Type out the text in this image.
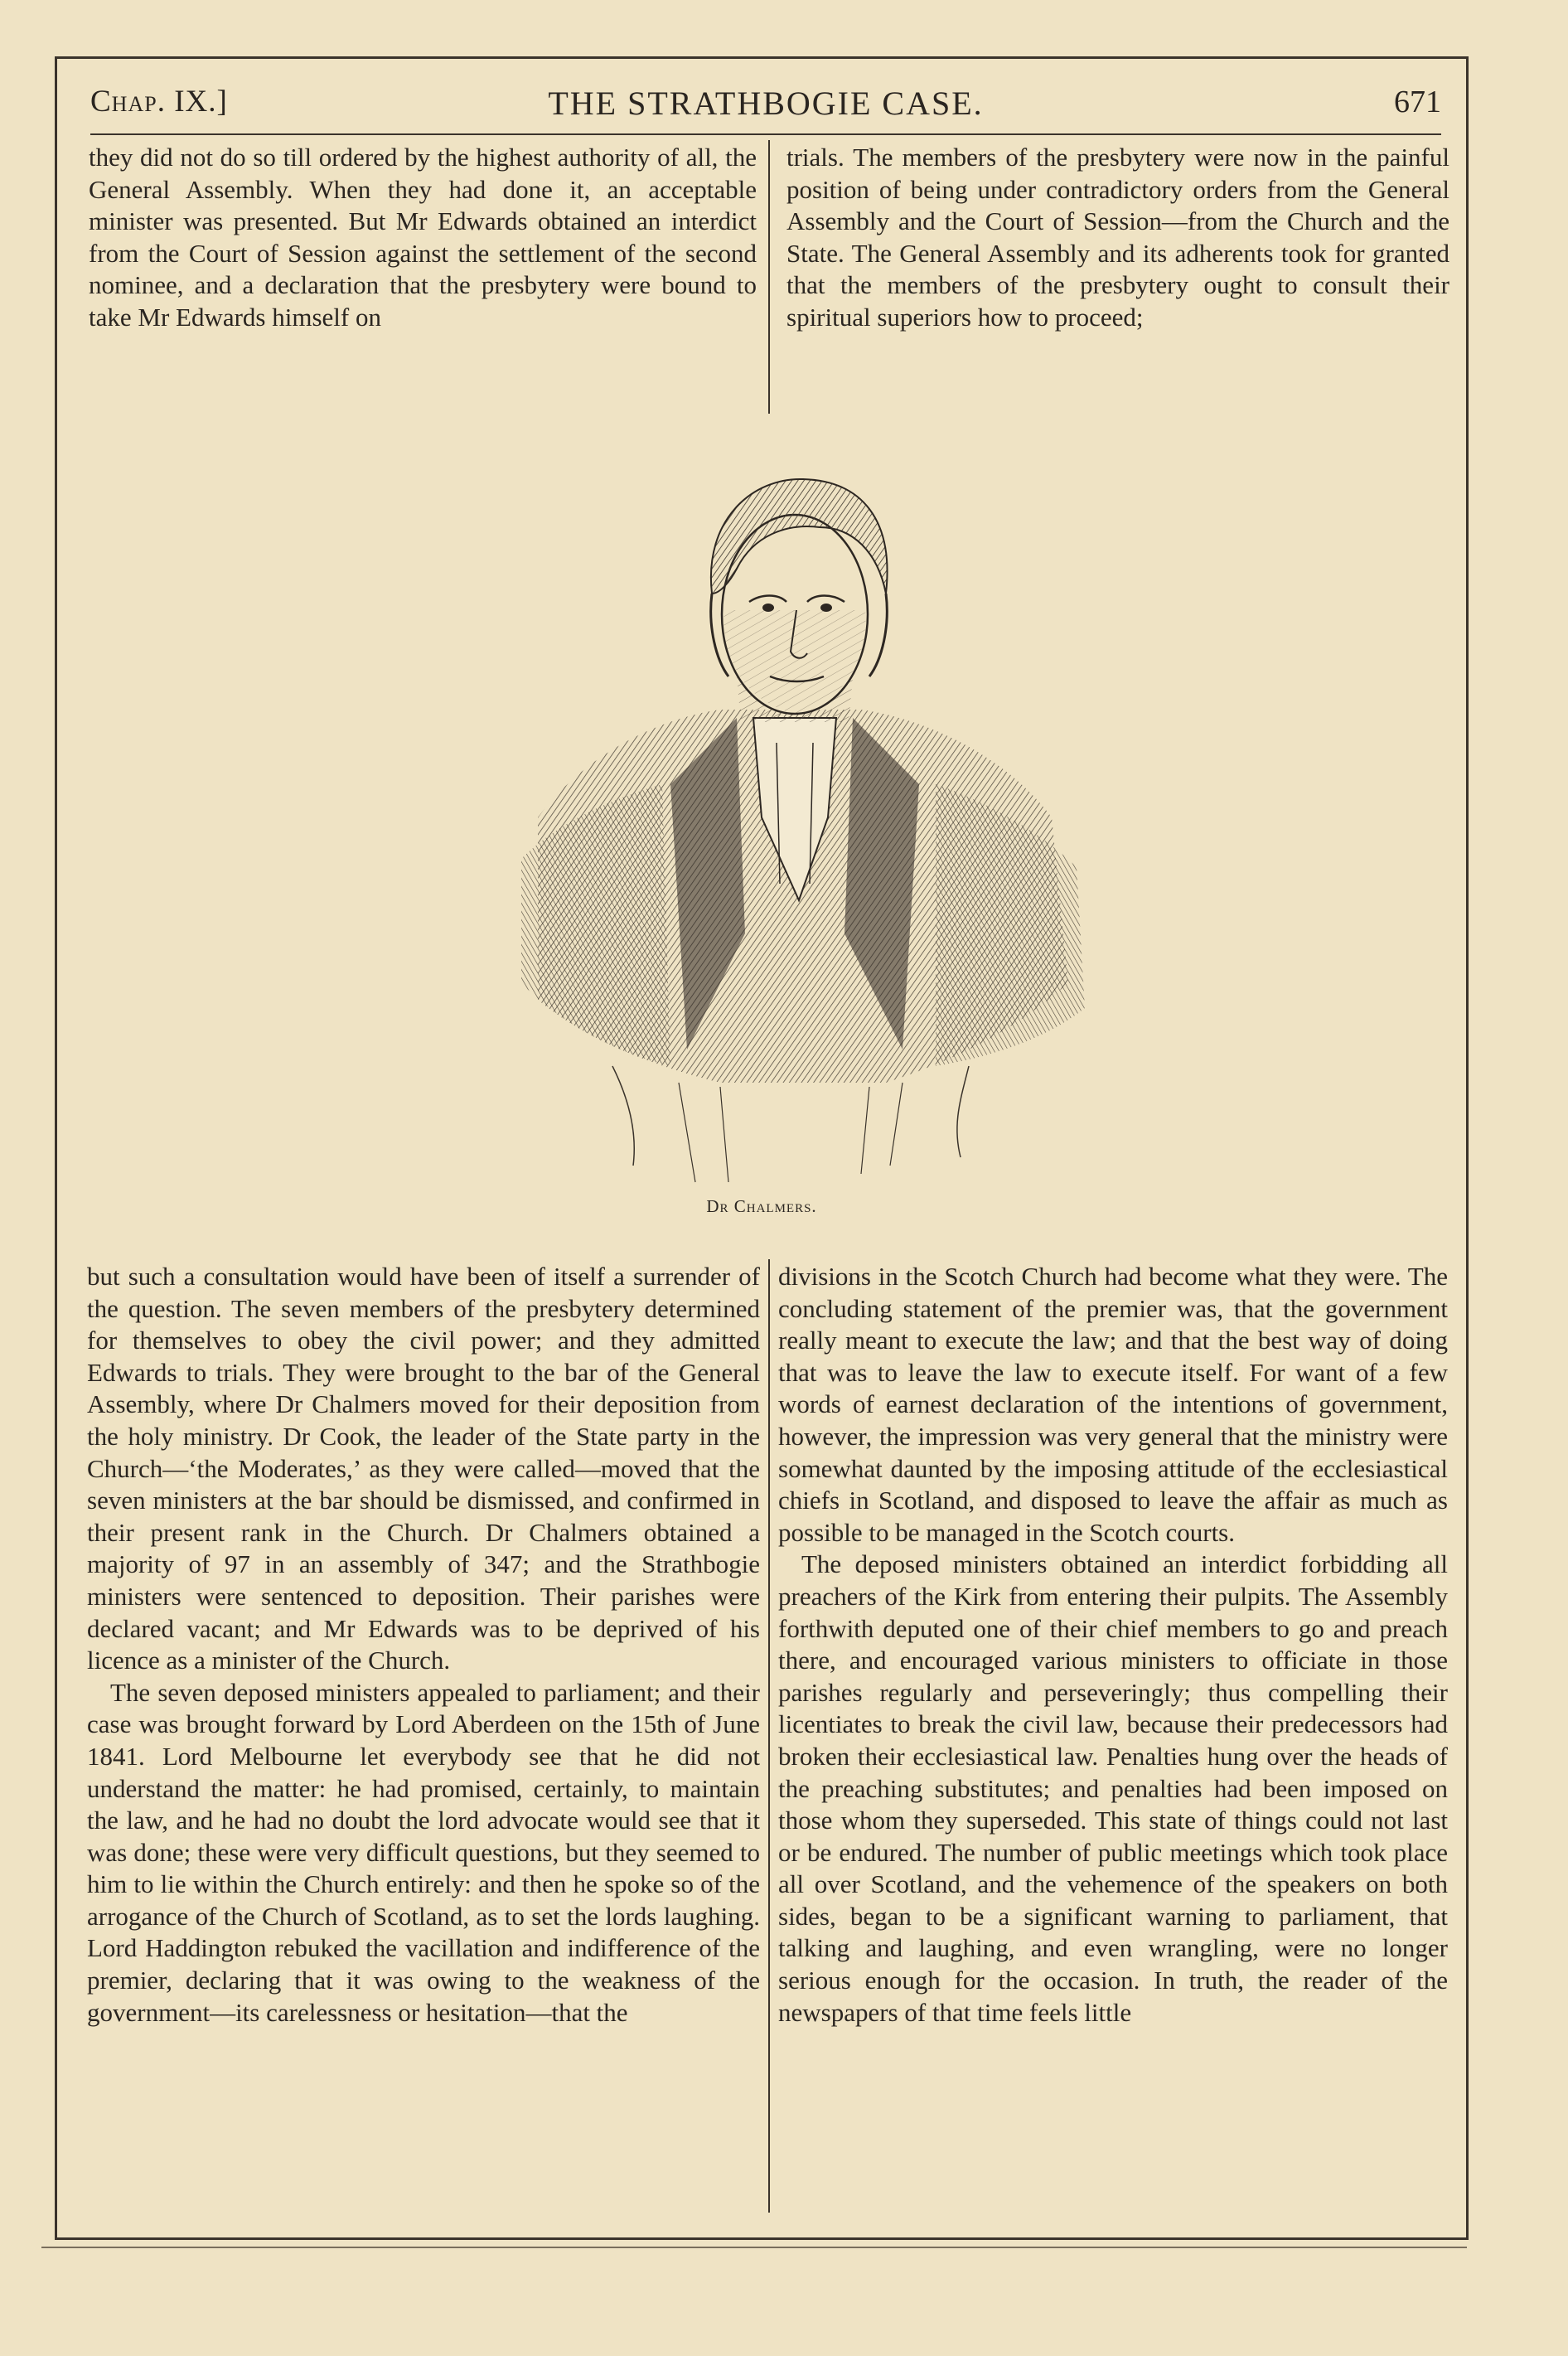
Chap. IX.]	THE STRATHBOGIE CASE.	671

they did not do so till ordered by the highest authority of all, the General Assembly. When they had done it, an acceptable minister was presented. But Mr Edwards obtained an interdict from the Court of Session against the settlement of the second nominee, and a declaration that the presbytery were bound to take Mr Edwards himself on

trials. The members of the presbytery were now in the painful position of being under contradictory orders from the General Assembly and the Court of Session—from the Church and the State. The General Assembly and its adherents took for granted that the members of the presbytery ought to consult their spiritual superiors how to proceed;

Dr Chalmers.

but such a consultation would have been of itself a surrender of the question. The seven members of the presbytery determined for themselves to obey the civil power; and they admitted Edwards to trials. They were brought to the bar of the General Assembly, where Dr Chalmers moved for their deposition from the holy ministry. Dr Cook, the leader of the State party in the Church—‘the Moderates,’ as they were called—moved that the seven ministers at the bar should be dismissed, and confirmed in their present rank in the Church. Dr Chalmers obtained a majority of 97 in an assembly of 347; and the Strathbogie ministers were sentenced to deposition. Their parishes were declared vacant; and Mr Edwards was to be deprived of his licence as a minister of the Church.

The seven deposed ministers appealed to parliament; and their case was brought forward by Lord Aberdeen on the 15th of June 1841. Lord Melbourne let everybody see that he did not understand the matter: he had promised, certainly, to maintain the law, and he had no doubt the lord advocate would see that it was done; these were very difficult questions, but they seemed to him to lie within the Church entirely: and then he spoke so of the arrogance of the Church of Scotland, as to set the lords laughing. Lord Haddington rebuked the vacillation and indifference of the premier, declaring that it was owing to the weakness of the government—its carelessness or hesitation—that the

divisions in the Scotch Church had become what they were. The concluding statement of the premier was, that the government really meant to execute the law; and that the best way of doing that was to leave the law to execute itself. For want of a few words of earnest declaration of the intentions of government, however, the impression was very general that the ministry were somewhat daunted by the imposing attitude of the ecclesiastical chiefs in Scotland, and disposed to leave the affair as much as possible to be managed in the Scotch courts.

The deposed ministers obtained an interdict forbidding all preachers of the Kirk from entering their pulpits. The Assembly forthwith deputed one of their chief members to go and preach there, and encouraged various ministers to officiate in those parishes regularly and perseveringly; thus compelling their licentiates to break the civil law, because their predecessors had broken their ecclesiastical law. Penalties hung over the heads of the preaching substitutes; and penalties had been imposed on those whom they superseded. This state of things could not last or be endured. The number of public meetings which took place all over Scotland, and the vehemence of the speakers on both sides, began to be a significant warning to parliament, that talking and laughing, and even wrangling, were no longer serious enough for the occasion. In truth, the reader of the newspapers of that time feels little
